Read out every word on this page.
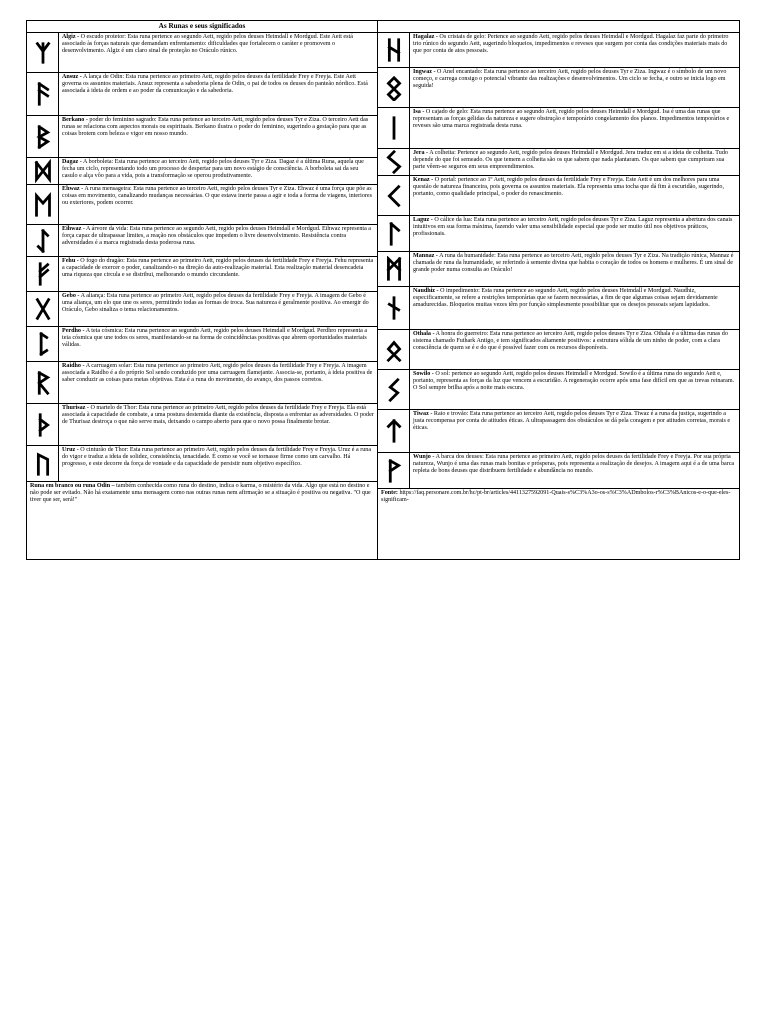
As Runas e seus significados
Algiz - O escudo protetor: Esta runa pertence ao segundo Aett, regido pelos deuses Heimdall e Mordgud. Este Aett está associado às forças naturais que demandam enfrentamento: dificuldades que fortalecem o caráter e promovem o desenvolvimento. Algiz é um claro sinal de proteção no Oráculo rúnico.
Ansuz - A lança de Odin: Esta runa pertence ao primeiro Aett, regido pelos deuses da fertilidade Frey e Freyja. Este Aett governa os assuntos materiais. Ansuz representa a sabedoria plena de Odin, o pai de todos os deuses do panteão nórdico. Está associada à ideia de ordem e ao poder da comunicação e da sabedoria.
Berkano - poder do feminino sagrado: Esta runa pertence ao terceiro Aett, regido pelos deuses Tyr e Ziza. O terceiro Aett das runas se relaciona com aspectos morais ou espirituais. Berkano ilustra o poder do feminino, sugerindo a gestação para que as coisas brotem com beleza e vigor em nosso mundo.
Dagaz - A borboleta: Esta runa pertence ao terceiro Aett, regido pelos deuses Tyr e Ziza. Dagaz é a última Runa, aquela que fecha um ciclo, representando todo um processo de despertar para um novo estágio de consciência. A borboleta sai da seu casulo e alça vôo para a vida, pois a transformação se operou produtivamente.
Ehwaz - A runa mensageira: Esta runa pertence ao terceiro Aett, regido pelos deuses Tyr e Ziza. Ehwaz é uma força que põe as coisas em movimento, canalizando mudanças necessárias. O que estava inerte passa a agir e toda a forma de viagens, interiores ou exteriores, podem ocorrer.
Eihwaz - A árvore da vida: Esta runa pertence ao segundo Aett, regido pelos deuses Heimdall e Mordgud. Eihwaz representa a força capaz de ultrapassar limites, a reação nos obstáculos que impedem o livre desenvolvimento. Resistência contra adversidades é a marca registrada desta poderosa runa.
Fehu - O fogo do dragão: Esta runa pertence ao primeiro Aett, regido pelos deuses da fertilidade Frey e Freyja. Fehu representa a capacidade de exercer o poder, canalizando-o na direção da auto-realização material. Esta realização material desencadeia uma riqueza que circula e se distribui, melhorando o mundo circundante.
Gebo - A aliança: Esta runa pertence ao primeiro Aett, regido pelos deuses da fertilidade Frey e Freyja. A imagem de Gebo é uma aliança, um elo que une os seres, permitindo todas as formas de troca. Sua natureza é geralmente positiva. Ao emergir do Oráculo, Gebo sinaliza o tema relacionamentos.
Perdho - A teia cósmica: Esta runa pertence ao segundo Aett, regido pelos deuses Heimdall e Mordgud. Perdhro representa a teia cósmica que une todos os seres, manifestando-se na forma de coincidências positivas que abrem oportunidades materiais válidas.
Raidho - A carruagem solar: Esta runa pertence ao primeiro Aett, regido pelos deuses da fertilidade Frey e Freyja. A imagem associada a Raidho é a do próprio Sol sendo conduzido por uma carruagem flamejante. Associa-se, portanto, à ideia positiva de saber conduzir as coisas para metas objetivas. Esta é a runa do movimento, do avanço, dos passos corretos.
Thurisaz - O martelo de Thor: Esta runa pertence ao primeiro Aett, regido pelos deuses da fertilidade Frey e Freyja. Ela está associada à capacidade de combate, a uma postura destemida diante da existência, disposta a enfrentar as adversidades. O poder de Thurisaz destroça o que não serve mais, deixando o campo aberto para que o novo possa finalmente brotar.
Uruz - O cinturão de Thor: Esta runa pertence ao primeiro Aett, regido pelos deuses da fertilidade Frey e Freyja. Uruz é a runa do vigor e traduz a ideia de solidez, consistência, tenacidade. É como se você se tornasse firme como um carvalho. Há progresso, e este decorre da força de vontade e da capacidade de persistir num objetivo específico.
Runa em branco ou runa Odin – também conhecida como runa do destino, indica o karma, o mistério da vida. Algo que está no destino e não pode ser evitado. Não há exatamente uma mensagem como nas outras runas nem afirmação se a situação é positiva ou negativa. "O que tiver que ser, será!"
Hagalaz - Os cristais de gelo: Pertence ao segundo Aett, regido pelos deuses Heimdall e Mordgud. Hagalaz faz parte do primeiro trio rúnico do segundo Aett, sugerindo bloqueios, impedimentos e reveses que surgem por conta das condições materiais mais do que por conta de atos pessoais.
Ingwaz - O Anel encantado: Esta runa pertence ao terceiro Aett, regido pelos deuses Tyr e Ziza. Ingwaz é o símbolo de um novo começo, e carrega consigo o potencial vibrante das realizações e desenvolvimentos. Um ciclo se fecha, e outro se inicia logo em seguida!
Isa - O cajado de gelo: Esta runa pertence ao segundo Aett, regido pelos deuses Heimdall e Mordgud. Isa é uma das runas que representam as forças gélidas da natureza e sugere obstrução e temporário congelamento dos planos. Impedimentos temporários e reveses são uma marca registrada desta runa.
Jera - A colheita: Pertence ao segundo Aett, regido pelos deuses Heimdall e Mordgud. Jera traduz em si a ideia de colheita. Tudo depende do que foi semeado. Os que temem a colheita são os que sabem que nada plantaram. Os que sabem que cumpriram sua parte vêem-se seguros em seus empreendimentos.
Kenaz - O portal: pertence ao 1º Aett, regido pelos deuses da fertilidade Frey e Freyja. Este Aett é um dos melhores para uma questão de natureza financeira, pois governa os assuntos materiais. Ela representa uma tocha que dá fim à escuridão, sugerindo, portanto, como qualidade principal, o poder do renascimento.
Laguz - O cálice da lua: Esta runa pertence ao terceiro Aett, regido pelos deuses Tyr e Ziza. Laguz representa a abertura dos canais intuitivos em sua forma máxima, fazendo valer uma sensibilidade especial que pode ser muito útil nos objetivos práticos, profissionais.
Mannaz - A runa da humanidade: Esta runa pertence ao terceiro Aett, regido pelos deuses Tyr e Ziza. Na tradição rúnica, Mannaz é chamada de runa da humanidade, se referindo à semente divina que habita o coração de todos os homens e mulheres. É um sinal de grande poder numa consulta ao Oráculo!
Naudhiz - O impedimento: Esta runa pertence ao segundo Aett, regido pelos deuses Heimdall e Mordgud. Naudhiz, especificamente, se refere a restrições temporárias que se fazem necessárias, a fim de que algumas coisas sejam devidamente amadurecidas. Bloqueios muitas vezes têm por função simplesmente possibilitar que os desejos pessoais sejam lapidados.
Othala - A honra do guerreiro: Esta runa pertence ao terceiro Aett, regido pelos deuses Tyr e Ziza. Othala é a última das runas do sistema chamado Futhark Antigo, e tem significados altamente positivos: a estrutura sólida de um ninho de poder, com a clara consciência de quem se é e do que é possível fazer com os recursos disponíveis.
Sowilo - O sol: pertence ao segundo Aett, regido pelos deuses Heimdall e Mordgud. Sowilo é a última runa do segundo Aett e, portanto, representa as forças da luz que vencem a escuridão. A regeneração ocorre após uma fase difícil em que as trevas reinaram. O Sol sempre brilha após a noite mais escura.
Tiwaz - Raio e trovão: Esta runa pertence ao terceiro Aett, regido pelos deuses Tyr e Ziza. Tiwaz é a runa da justiça, sugerindo a justa recompensa por conta de atitudes éticas. A ultrapassagem dos obstáculos se dá pela coragem e por atitudes corretas, morais e éticas.
Wunjo - A barca dos deuses: Esta runa pertence ao primeiro Aett, regido pelos deuses da fertilidade Frey e Freyja. Por sua própria natureza, Wunjo é uma das runas mais bonitas e prósperas, pois representa a realização de desejos. A imagem aqui é a de uma barca repleta de bons deuses que distribuem fertilidade e abundância no mundo.
Fonte: https://faq.personare.com.br/hc/pt-br/articles/4411327592091-Quais-s%C3%A3o-os-s%C3%ADmbolos-r%C3%BAnicos-e-o-que-eles-significam-
